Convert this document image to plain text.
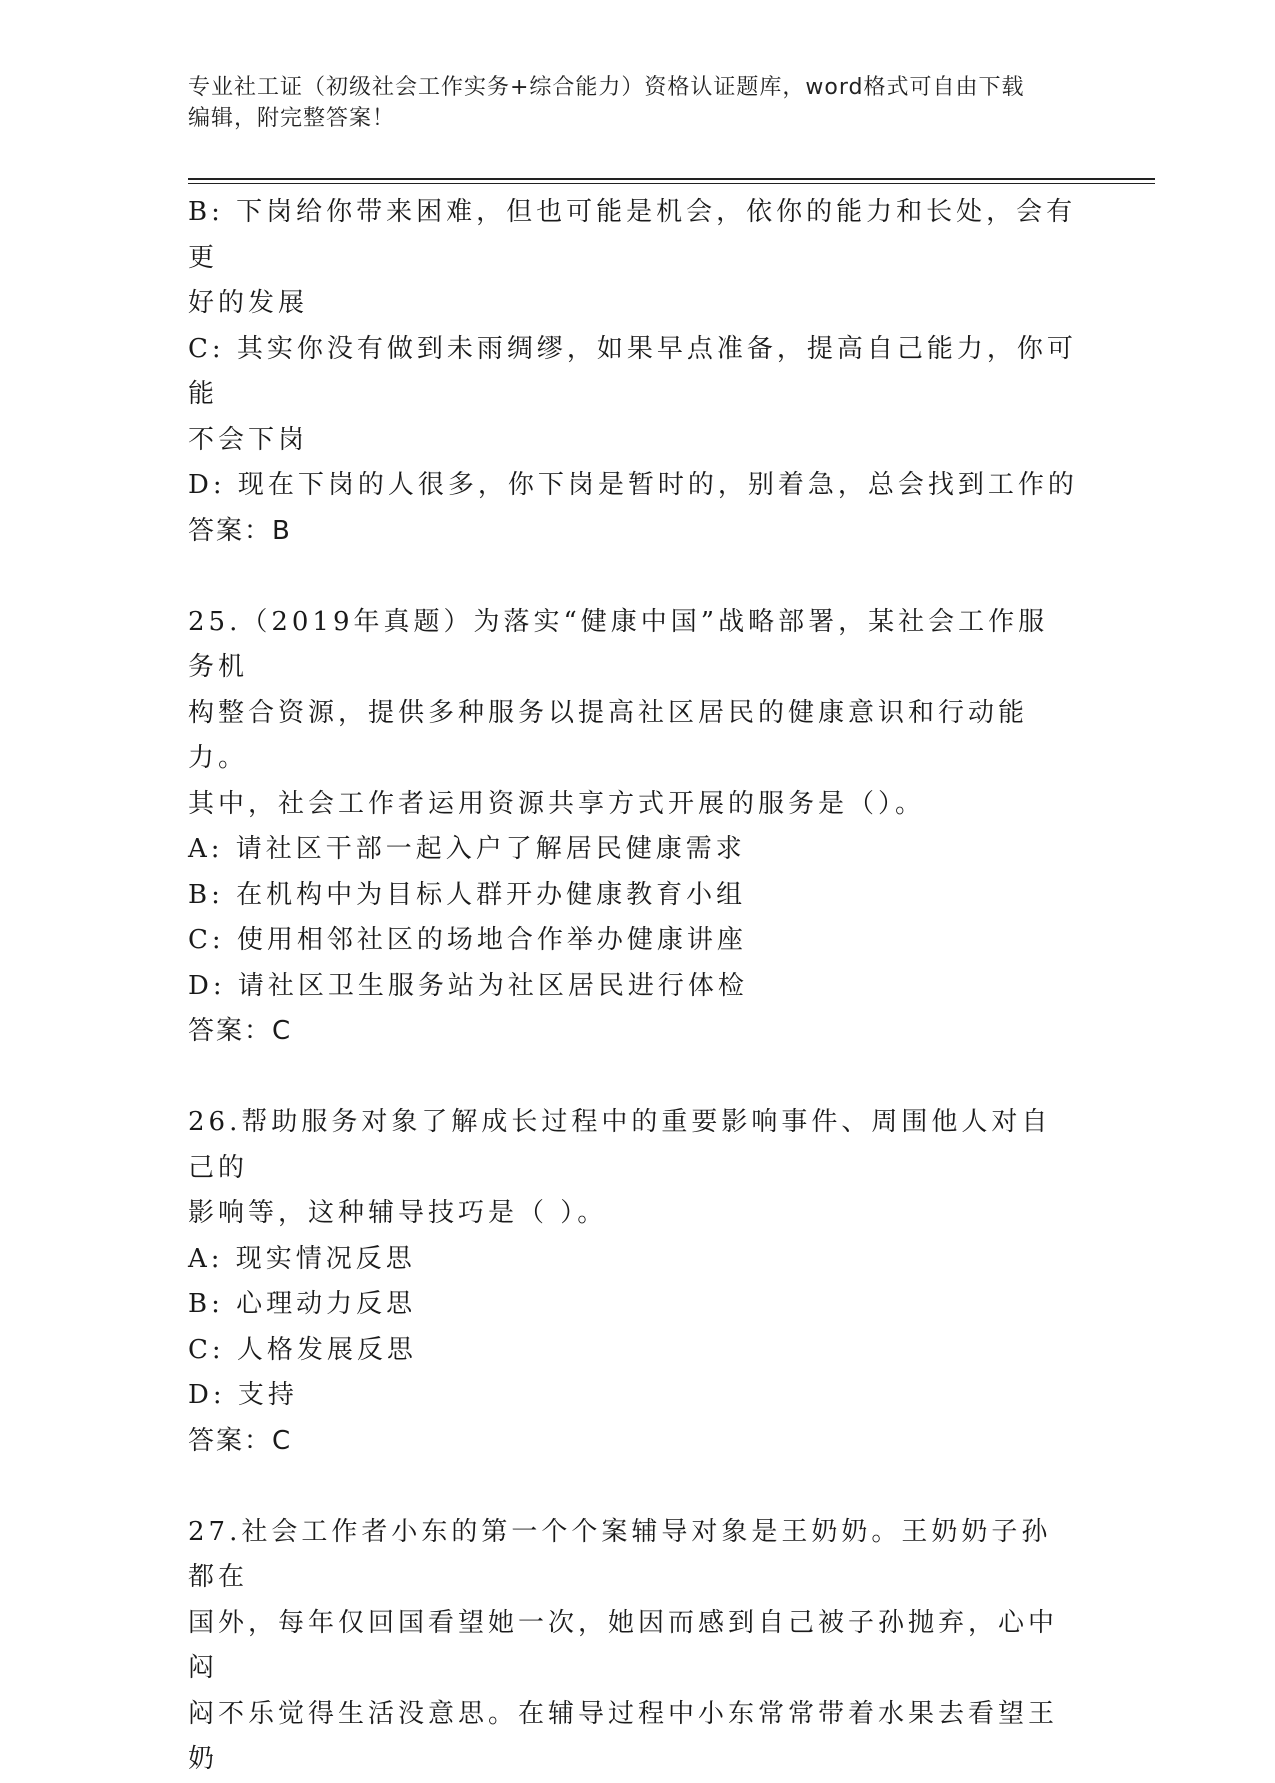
专业社工证（初级社会工作实务+综合能力）资格认证题库，word格式可自由下载
编辑，附完整答案！
B: 下岗给你带来困难，但也可能是机会，依你的能力和长处，会有更
好的发展
C: 其实你没有做到未雨绸缪，如果早点准备，提高自己能力，你可能
不会下岗
D: 现在下岗的人很多，你下岗是暂时的，别着急，总会找到工作的
答案：B
25.（2019年真题）为落实“健康中国”战略部署，某社会工作服务机
构整合资源，提供多种服务以提高社区居民的健康意识和行动能力。
其中，社会工作者运用资源共享方式开展的服务是（）。
A: 请社区干部一起入户了解居民健康需求
B: 在机构中为目标人群开办健康教育小组
C: 使用相邻社区的场地合作举办健康讲座
D: 请社区卫生服务站为社区居民进行体检
答案：C
26.帮助服务对象了解成长过程中的重要影响事件、周围他人对自己的
影响等，这种辅导技巧是（ ）。
A: 现实情况反思
B: 心理动力反思
C: 人格发展反思
D: 支持
答案：C
27.社会工作者小东的第一个个案辅导对象是王奶奶。王奶奶子孙都在
国外，每年仅回国看望她一次，她因而感到自己被子孙抛弃，心中闷
闷不乐觉得生活没意思。在辅导过程中小东常常带着水果去看望王奶
